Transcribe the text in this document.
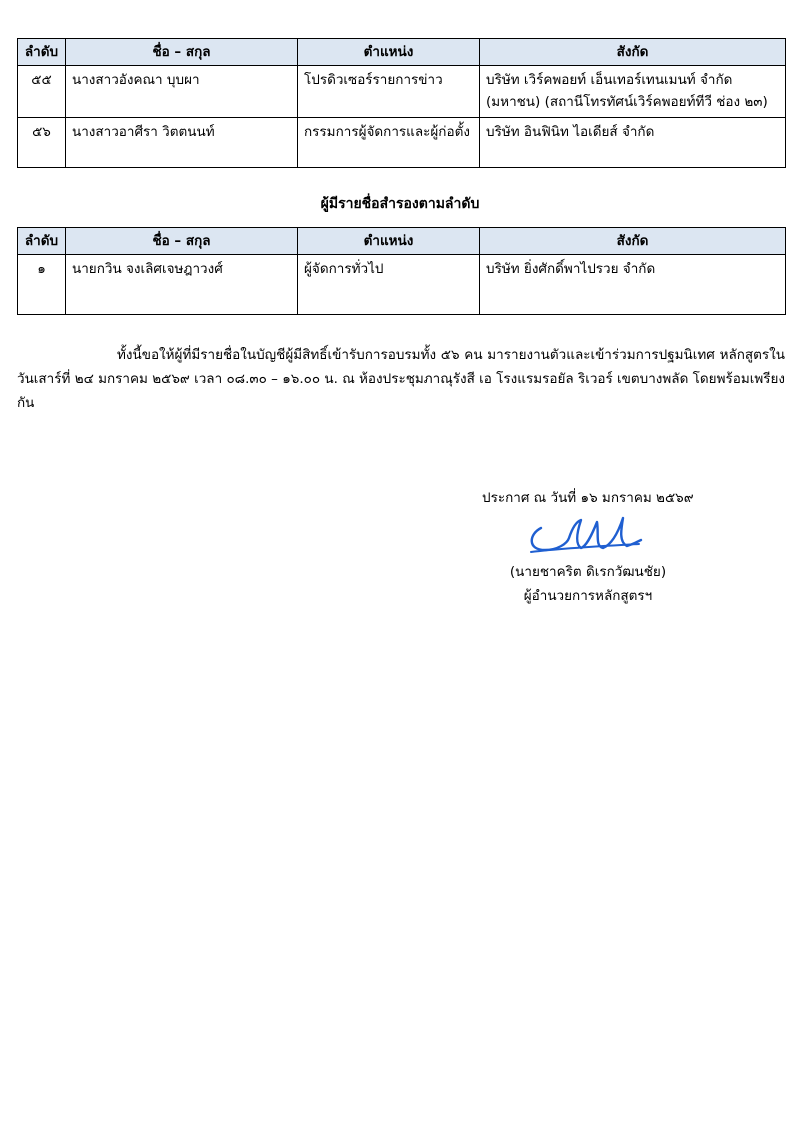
ลำดับ	ชื่อ – สกุล	ตำแหน่ง	สังกัด
๕๕	นางสาวอังคณา บุบผา	โปรดิวเซอร์รายการข่าว	บริษัท เวิร์คพอยท์ เอ็นเทอร์เทนเมนท์ จำกัด
(มหาชน) (สถานีโทรทัศน์เวิร์คพอยท์ทีวี ช่อง ๒๓)

๕๖	นางสาวอาศีรา วิตตนนท์	กรรมการผู้จัดการและผู้ก่อตั้ง	บริษัท อินฟินิท ไอเดียส์ จำกัด
ผู้มีรายชื่อสำรองตามลำดับ
ลำดับ	ชื่อ – สกุล	ตำแหน่ง	สังกัด
๑	นายกวิน จงเลิศเจษฎาวงศ์	ผู้จัดการทั่วไป	บริษัท ยิ่งศักดิ์พาไปรวย จำกัด
ทั้งนี้ขอให้ผู้ที่มีรายชื่อในบัญชีผู้มีสิทธิ์เข้ารับการอบรมทั้ง ๕๖ คน มารายงานตัวและเข้าร่วมการปฐมนิเทศ หลักสูตรในวันเสาร์ที่ ๒๔ มกราคม ๒๕๖๙ เวลา ๐๘.๓๐ – ๑๖.๐๐ น. ณ ห้องประชุมภาณุรังสี เอ โรงแรมรอยัล ริเวอร์ เขตบางพลัด โดยพร้อมเพรียงกัน
ประกาศ ณ วันที่ ๑๖ มกราคม ๒๕๖๙
(นายชาคริต ดิเรกวัฒนชัย)
ผู้อำนวยการหลักสูตรฯ
